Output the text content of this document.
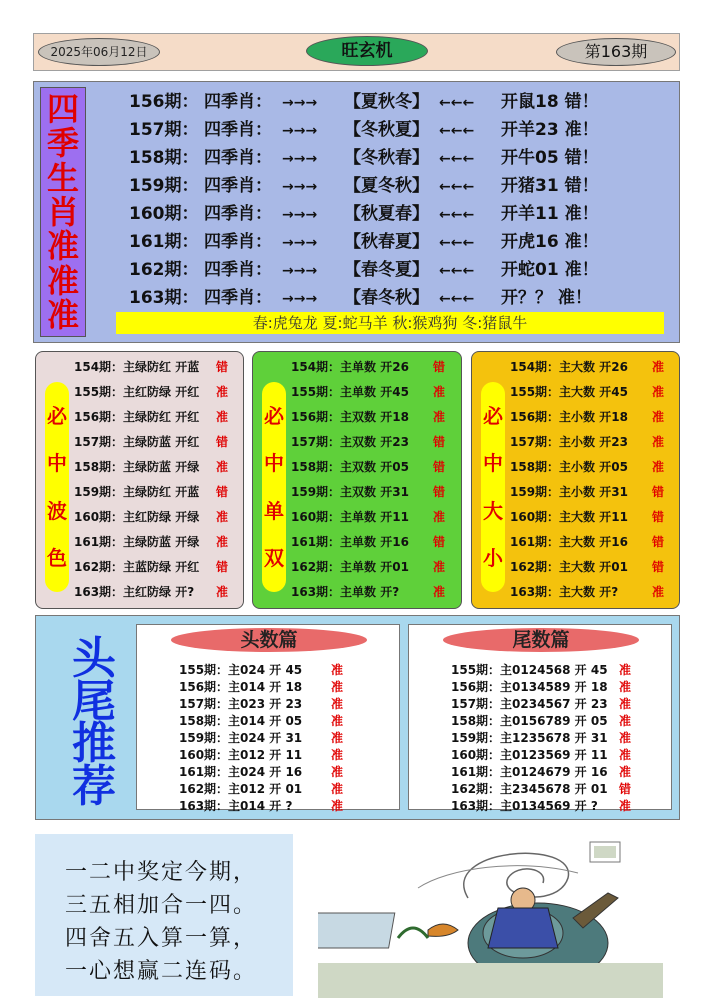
2025年06月12日	旺玄机	第163期
四
季
生
肖
准
准
准
156期： 四季肖： →→→ 【夏秋冬】 ←←← 开鼠18 错！
157期： 四季肖： →→→ 【冬秋夏】 ←←← 开羊23 准！
158期： 四季肖： →→→ 【冬秋春】 ←←← 开牛05 错！
159期： 四季肖： →→→ 【夏冬秋】 ←←← 开猪31 错！
160期： 四季肖： →→→ 【秋夏春】 ←←← 开羊11 准！
161期： 四季肖： →→→ 【秋春夏】 ←←← 开虎16 准！
162期： 四季肖： →→→ 【春冬夏】 ←←← 开蛇01 准！
163期： 四季肖： →→→ 【春冬秋】 ←←← 开？？ 准！
春:虎兔龙 夏:蛇马羊 秋:猴鸡狗 冬:猪鼠牛
必
中
波
色
154期：主绿防红 开蓝 错
155期：主红防绿 开红 准
156期：主绿防红 开红 准
157期：主绿防蓝 开红 错
158期：主绿防蓝 开绿 准
159期：主绿防红 开蓝 错
160期：主红防绿 开绿 准
161期：主绿防蓝 开绿 准
162期：主蓝防绿 开红 错
163期：主红防绿 开? 准
必
中
单
双
154期：主单数 开26 错
155期：主单数 开45 准
156期：主双数 开18 准
157期：主双数 开23 错
158期：主双数 开05 错
159期：主双数 开31 错
160期：主单数 开11 准
161期：主单数 开16 错
162期：主单数 开01 准
163期：主单数 开?	准
必
中
大
小
154期：主大数 开26 准
155期：主大数 开45 准
156期：主小数 开18 准
157期：主小数 开23 准
158期：主小数 开05 准
159期：主小数 开31 错
160期：主大数 开11 错
161期：主大数 开16 错
162期：主大数 开01 错
163期：主大数 开?	准
头
尾
推
荐
头数篇
155期：主024 开 45 准
156期：主014 开 18 准
157期：主023 开 23 准
158期：主014 开 05 准
159期：主024 开 31 准
160期：主012 开 11 准
161期：主024 开 16 准
162期：主012 开 01 准
163期：主014 开 ?	准
尾数篇
155期：主0124568 开 45 准
156期：主0134589 开 18 准
157期：主0234567 开 23 准
158期：主0156789 开 05 准
159期：主1235678 开 31 准
160期：主0123569 开 11 准
161期：主0124679 开 16 准
162期：主2345678 开 01 错
163期：主0134569 开 ? 准
一二中奖定今期，
三五相加合一四。
四舍五入算一算，
一心想赢二连码。
